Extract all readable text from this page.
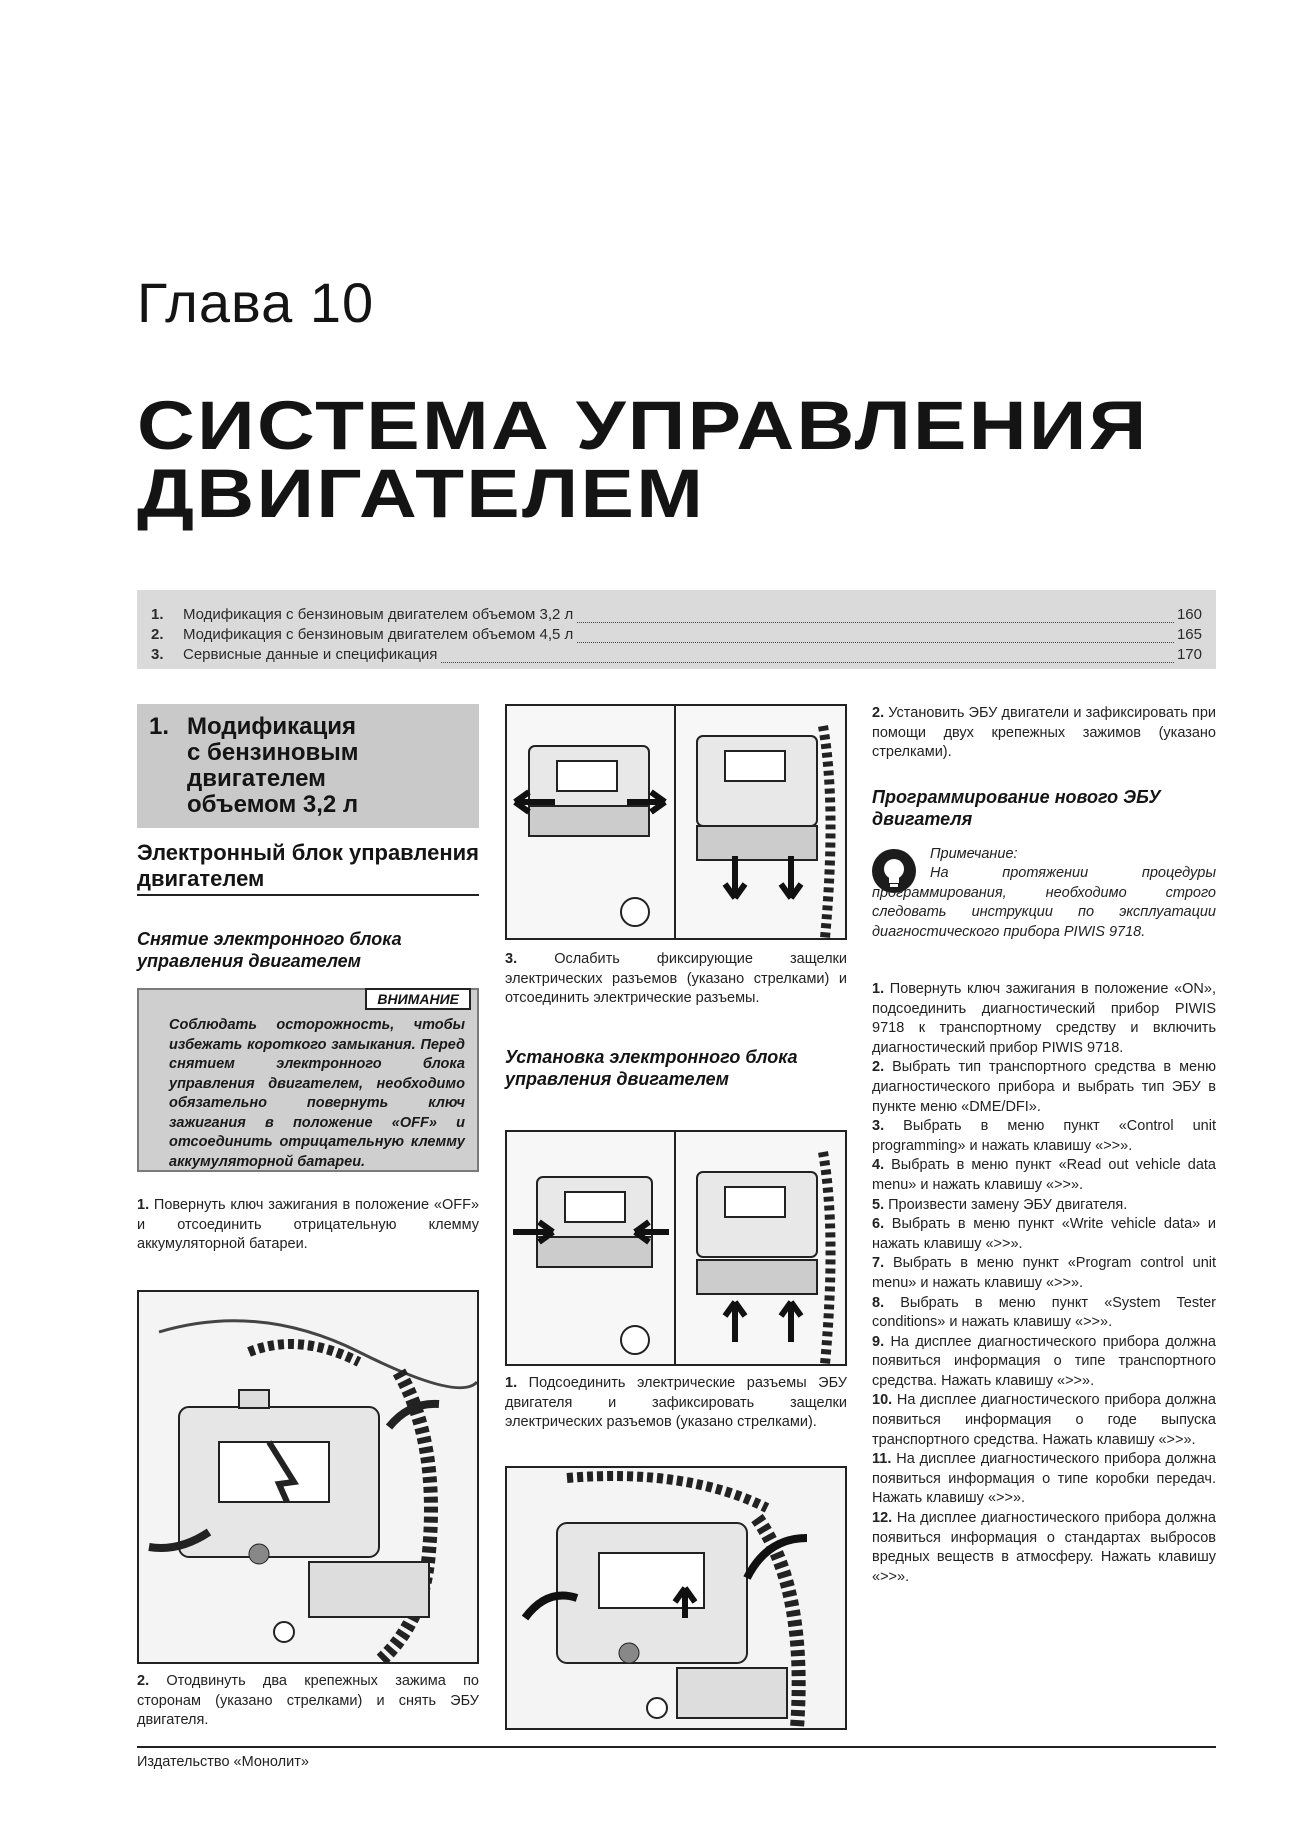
Глава 10
СИСТЕМА УПРАВЛЕНИЯ
ДВИГАТЕЛЕМ
1. Модификация с бензиновым двигателем объемом 3,2 л	160
2. Модификация с бензиновым двигателем объемом 4,5 л	165
3. Сервисные данные и спецификация	170
1. Модификация
с бензиновым
двигателем
объемом 3,2 л
Электронный блок управления двигателем
Снятие электронного блока управления двигателем
ВНИМАНИЕ
Соблюдать осторожность, чтобы избежать короткого замыкания. Перед снятием электронного блока управления двигателем, необходимо обязательно повернуть ключ зажигания в положение «OFF» и отсоединить отрицательную клемму аккумуляторной батареи.
1. Повернуть ключ зажигания в положение «OFF» и отсоединить отрицательную клемму аккумуляторной батареи.
2. Отодвинуть два крепежных зажима по сторонам (указано стрелками) и снять ЭБУ двигателя.
3.	Ослабить фиксирующие защелки электрических разъемов (указано стрелками) и отсоединить электрические разъемы.
Установка электронного блока управления двигателем
1. Подсоединить электрические разъемы ЭБУ двигателя и зафиксировать защелки электрических разъемов (указано стрелками).
2. Установить ЭБУ двигатели и зафиксировать при помощи двух крепежных зажимов (указано стрелками).
Программирование нового ЭБУ двигателя
Примечание:
На протяжении процедуры программирования, необходимо строго следовать инструкции по эксплуатации диагностического прибора PIWIS 9718.
1. Повернуть ключ зажигания в положение «ON», подсоединить диагностический прибор PIWIS 9718 к транспортному средству и включить диагностический прибор PIWIS 9718.
2. Выбрать тип транспортного средства в меню диагностического прибора и выбрать тип ЭБУ в пункте меню «DME/DFI».
3. Выбрать в меню пункт «Control unit programming» и нажать клавишу «>>».
4. Выбрать в меню пункт «Read out vehicle data menu» и нажать клавишу «>>».
5. Произвести замену ЭБУ двигателя.
6. Выбрать в меню пункт «Write vehicle data» и нажать клавишу «>>».
7. Выбрать в меню пункт «Program control unit menu» и нажать клавишу «>>».
8. Выбрать в меню пункт «System Tester conditions» и нажать клавишу «>>».
9. На дисплее диагностического прибора должна появиться информация о типе транспортного средства. Нажать клавишу «>>».
10. На дисплее диагностического прибора должна появиться информация о годе выпуска транспортного средства. Нажать клавишу «>>».
11. На дисплее диагностического прибора должна появиться информация о типе коробки передач. Нажать клавишу «>>».
12. На дисплее диагностического прибора должна появиться информация о стандартах выбросов вредных веществ в атмосферу. Нажать клавишу «>>».
Издательство «Монолит»
